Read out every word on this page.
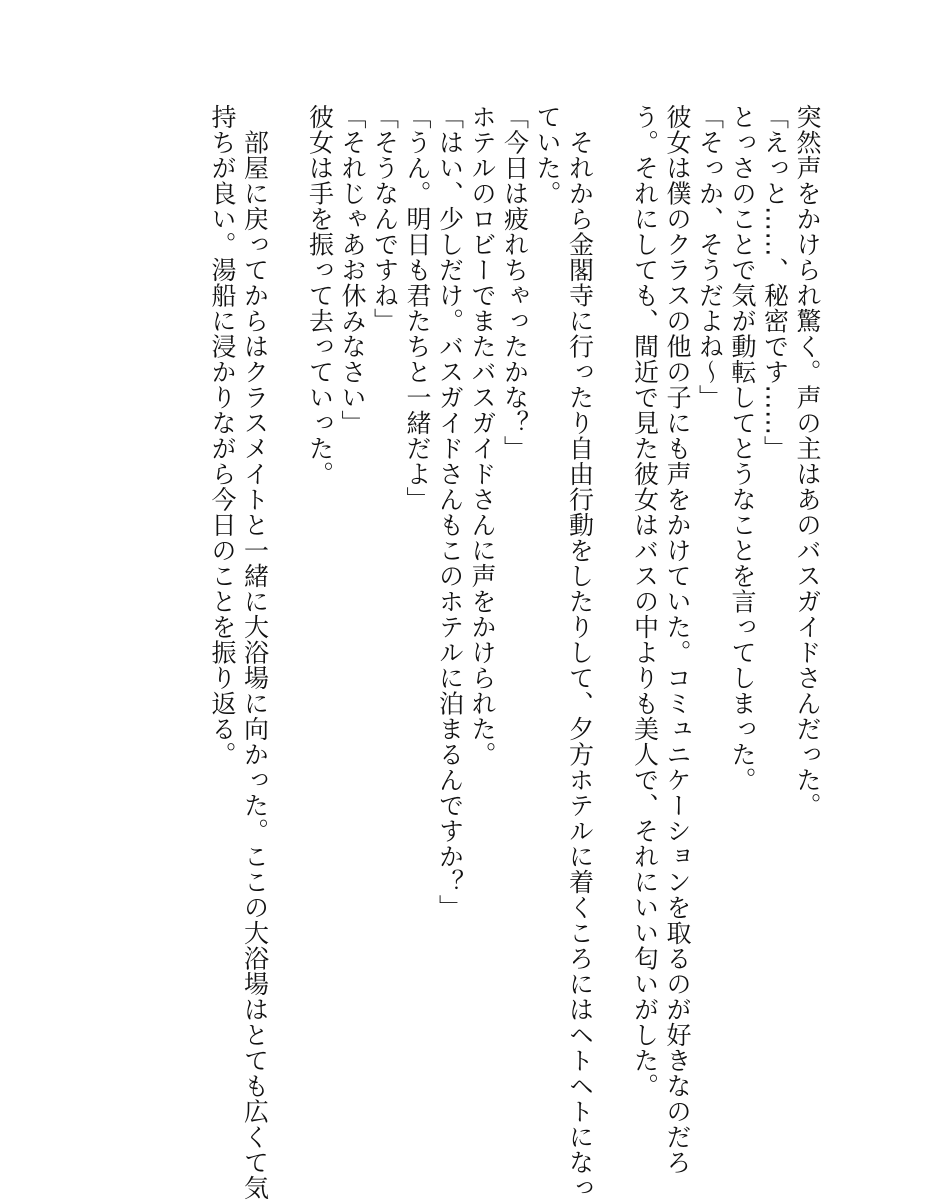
突然声をかけられ驚く。声の主はあのバスガイドさんだった。
「えっと……、秘密です……」
とっさのことで気が動転してとうなことを言ってしまった。
「そっか、そうだよね～」
彼女は僕のクラスの他の子にも声をかけていた。コミュニケーションを取るのが好きなのだろ
う。それにしても、間近で見た彼女はバスの中よりも美人で、それにいい匂いがした。
　それから金閣寺に行ったり自由行動をしたりして、夕方ホテルに着くころにはヘトヘトになっ
ていた。
「今日は疲れちゃったかな？」
ホテルのロビーでまたバスガイドさんに声をかけられた。
「はい、少しだけ。バスガイドさんもこのホテルに泊まるんですか？」
「うん。明日も君たちと一緒だよ」
「そうなんですね」
「それじゃあお休みなさい」
彼女は手を振って去っていった。
　部屋に戻ってからはクラスメイトと一緒に大浴場に向かった。ここの大浴場はとても広くて気
持ちが良い。湯船に浸かりながら今日のことを振り返る。
